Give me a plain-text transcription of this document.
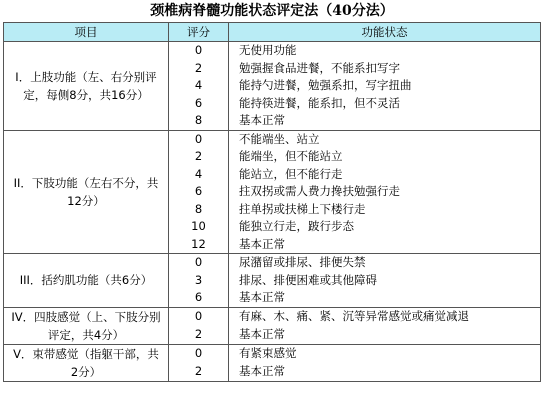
颈椎病脊髓功能状态评定法（40分法）
项目	评分	功能状态
I．上肢功能（左、右分别评定，每侧8分，共16分）	0	无使用功能
	2	勉强握食品进餐，不能系扣写字
	4	能持勺进餐，勉强系扣，写字扭曲
	6	能持筷进餐，能系扣，但不灵活
	8	基本正常
II．下肢功能（左右不分，共12分）	0	不能端坐、站立
	2	能端坐，但不能站立
	4	能站立，但不能行走
	6	拄双拐或需人费力搀扶勉强行走
	8	拄单拐或扶梯上下楼行走
	10	能独立行走，跛行步态
	12	基本正常
III．括约肌功能（共6分）	0	尿潴留或排尿、排便失禁
	3	排尿、排便困难或其他障碍
	6	基本正常
IV．四肢感觉（上、下肢分别评定，共4分）	0	有麻、木、痛、紧、沉等异常感觉或痛觉减退
	2	基本正常
V．束带感觉（指躯干部，共2分）	0	有紧束感觉
	2	基本正常
